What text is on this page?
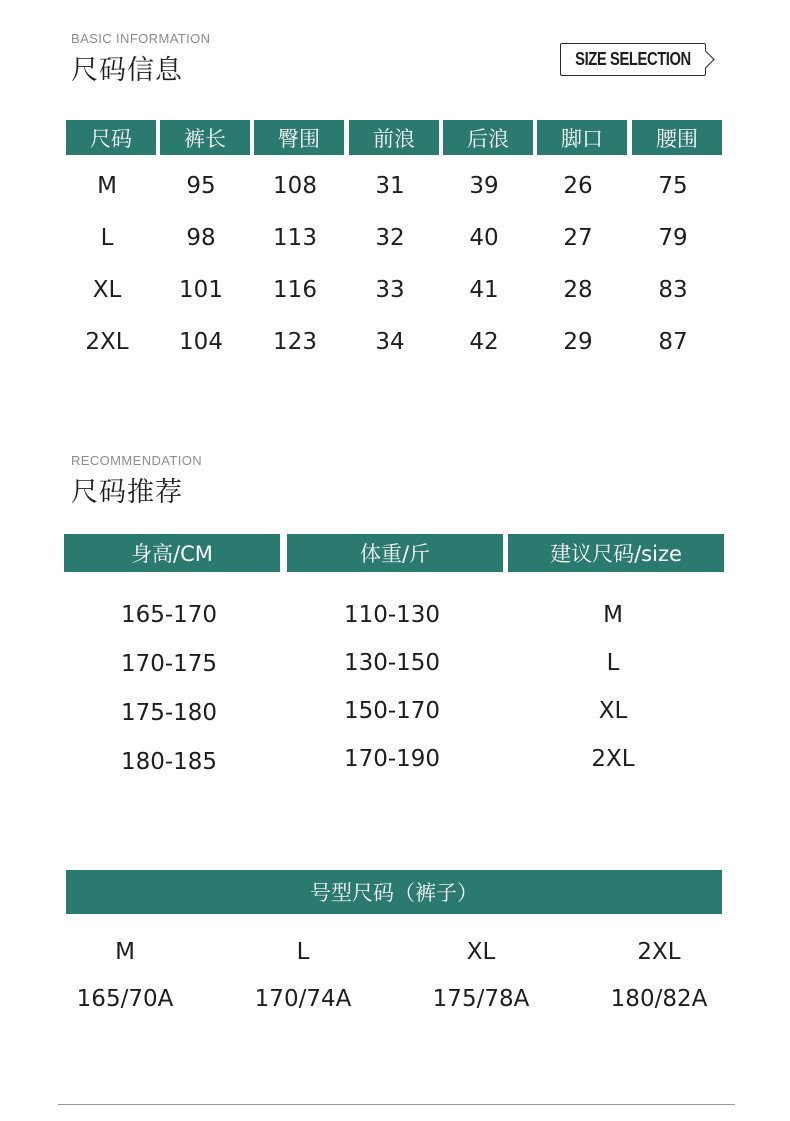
BASIC INFORMATION
尺码信息	SIZE SELECTION
尺码	裤长	臀围	前浪	后浪	脚口	腰围
M	95	108	31	39	26	75
L	98	113	32	40	27	79
XL	101	116	33	41	28	83
2XL	104	123	34	42	29	87
RECOMMENDATION
尺码推荐
身高/CM	体重/斤	建议尺码/size
165-170	110-130	M
170-175	130-150	L
175-180	150-170	XL
180-185	170-190	2XL
号型尺码（裤子）
M	L	XL	2XL
165/70A	170/74A	175/78A	180/82A
